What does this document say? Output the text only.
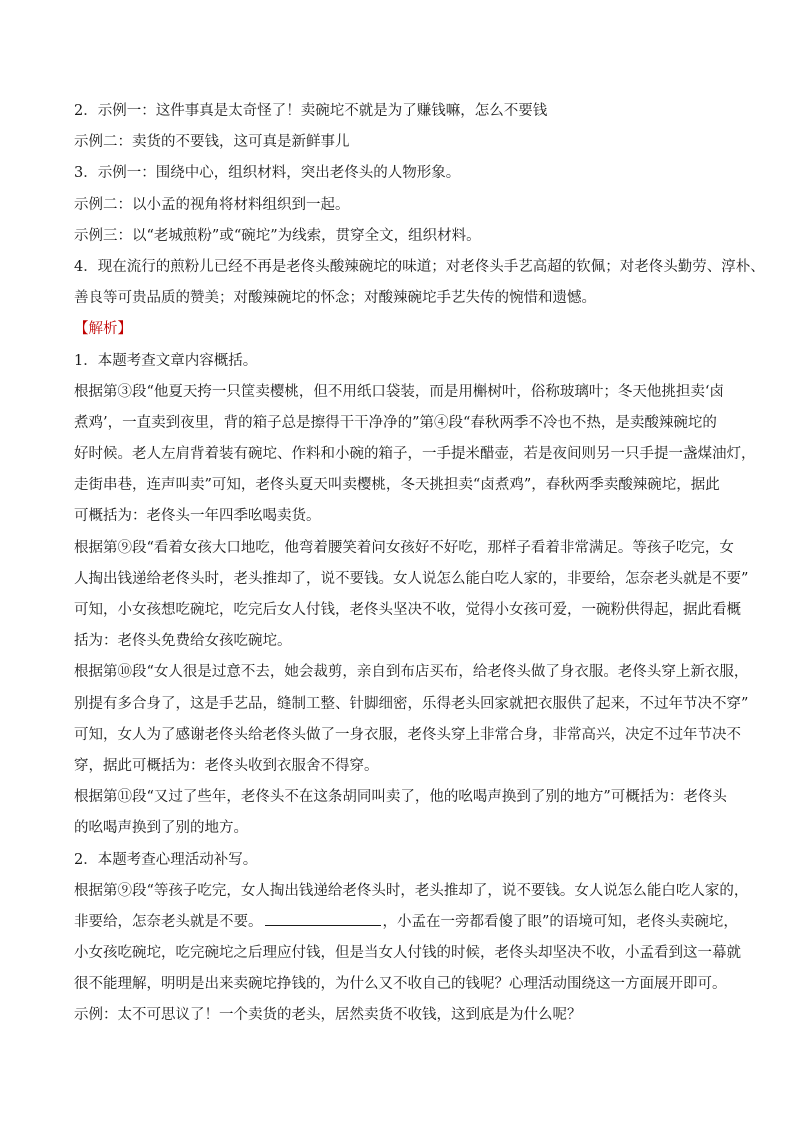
2．示例一：这件事真是太奇怪了！卖碗坨不就是为了赚钱嘛，怎么不要钱
示例二：卖货的不要钱，这可真是新鲜事儿
3．示例一：围绕中心，组织材料，突出老佟头的人物形象。
示例二：以小孟的视角将材料组织到一起。
示例三：以“老城煎粉”或“碗坨”为线索，贯穿全文，组织材料。
4．现在流行的煎粉儿已经不再是老佟头酸辣碗坨的味道；对老佟头手艺高超的钦佩；对老佟头勤劳、淳朴、
善良等可贵品质的赞美；对酸辣碗坨的怀念；对酸辣碗坨手艺失传的惋惜和遗憾。
【解析】
1．本题考查文章内容概括。
根据第③段“他夏天挎一只筐卖樱桃，但不用纸口袋装，而是用槲树叶，俗称玻璃叶；冬天他挑担卖‘卤
煮鸡’，一直卖到夜里，背的箱子总是擦得干干净净的”第④段“春秋两季不冷也不热，是卖酸辣碗坨的
好时候。老人左肩背着装有碗坨、作料和小碗的箱子，一手提米醋壶，若是夜间则另一只手提一盏煤油灯，
走街串巷，连声叫卖”可知，老佟头夏天叫卖樱桃，冬天挑担卖“卤煮鸡”，春秋两季卖酸辣碗坨，据此
可概括为：老佟头一年四季吆喝卖货。
根据第⑨段“看着女孩大口地吃，他弯着腰笑着问女孩好不好吃，那样子看着非常满足。等孩子吃完，女
人掏出钱递给老佟头时，老头推却了，说不要钱。女人说怎么能白吃人家的，非要给，怎奈老头就是不要”
可知，小女孩想吃碗坨，吃完后女人付钱，老佟头坚决不收，觉得小女孩可爱，一碗粉供得起，据此看概
括为：老佟头免费给女孩吃碗坨。
根据第⑩段“女人很是过意不去，她会裁剪，亲自到布店买布，给老佟头做了身衣服。老佟头穿上新衣服，
别提有多合身了，这是手艺品，缝制工整、针脚细密，乐得老头回家就把衣服供了起来，不过年节决不穿”
可知，女人为了感谢老佟头给老佟头做了一身衣服，老佟头穿上非常合身，非常高兴，决定不过年节决不
穿，据此可概括为：老佟头收到衣服舍不得穿。
根据第⑪段“又过了些年，老佟头不在这条胡同叫卖了，他的吆喝声换到了别的地方”可概括为：老佟头
的吆喝声换到了别的地方。
2．本题考查心理活动补写。
根据第⑨段“等孩子吃完，女人掏出钱递给老佟头时，老头推却了，说不要钱。女人说怎么能白吃人家的，
非要给，怎奈老头就是不要。	，小孟在一旁都看傻了眼”的语境可知，老佟头卖碗坨，
小女孩吃碗坨，吃完碗坨之后理应付钱，但是当女人付钱的时候，老佟头却坚决不收，小孟看到这一幕就
很不能理解，明明是出来卖碗坨挣钱的，为什么又不收自己的钱呢？心理活动围绕这一方面展开即可。
示例：太不可思议了！一个卖货的老头，居然卖货不收钱，这到底是为什么呢？
